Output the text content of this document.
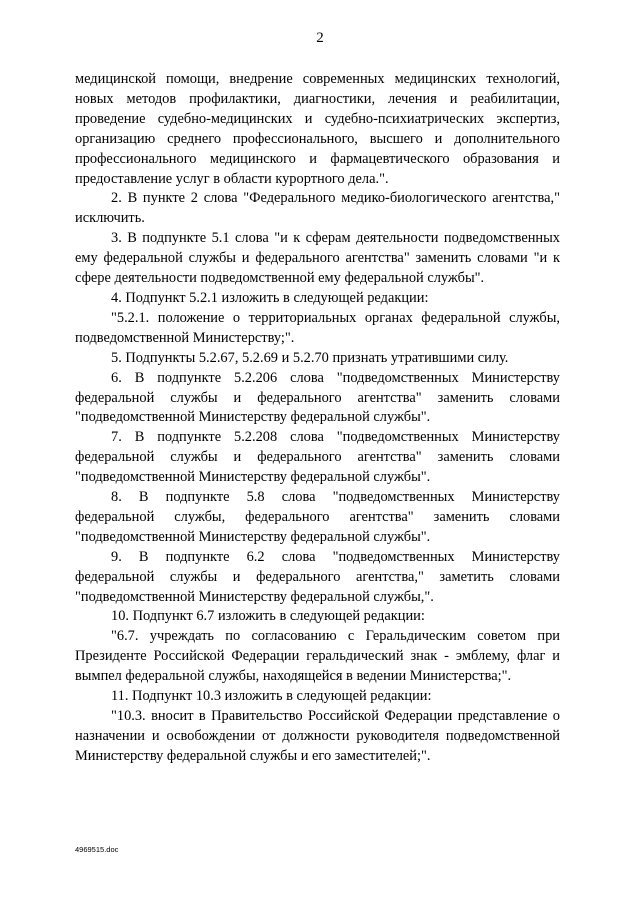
2

медицинской помощи, внедрение современных медицинских технологий, новых методов профилактики, диагностики, лечения и реабилитации, проведение судебно-медицинских и судебно-психиатрических экспертиз, организацию среднего профессионального, высшего и дополнительного профессионального медицинского и фармацевтического образования и предоставление услуг в области курортного дела.".

2. В пункте 2 слова "Федерального медико-биологического агентства," исключить.

3. В подпункте 5.1 слова "и к сферам деятельности подведомственных ему федеральной службы и федерального агентства" заменить словами "и к сфере деятельности подведомственной ему федеральной службы".

4. Подпункт 5.2.1 изложить в следующей редакции:

"5.2.1. положение о территориальных органах федеральной службы, подведомственной Министерству;".

5. Подпункты 5.2.67, 5.2.69 и 5.2.70 признать утратившими силу.

6. В подпункте 5.2.206 слова "подведомственных Министерству федеральной службы и федерального агентства" заменить словами "подведомственной Министерству федеральной службы".

7. В подпункте 5.2.208 слова "подведомственных Министерству федеральной службы и федерального агентства" заменить словами "подведомственной Министерству федеральной службы".

8. В подпункте 5.8 слова "подведомственных Министерству федеральной службы, федерального агентства" заменить словами "подведомственной Министерству федеральной службы".

9. В подпункте 6.2 слова "подведомственных Министерству федеральной службы и федерального агентства," заметить словами "подведомственной Министерству федеральной службы,".

10. Подпункт 6.7 изложить в следующей редакции:

"6.7. учреждать по согласованию с Геральдическим советом при Президенте Российской Федерации геральдический знак - эмблему, флаг и вымпел федеральной службы, находящейся в ведении Министерства;".

11. Подпункт 10.3 изложить в следующей редакции:

"10.3. вносит в Правительство Российской Федерации представление о назначении и освобождении от должности руководителя подведомственной Министерству федеральной службы и его заместителей;".

4969515.doc
